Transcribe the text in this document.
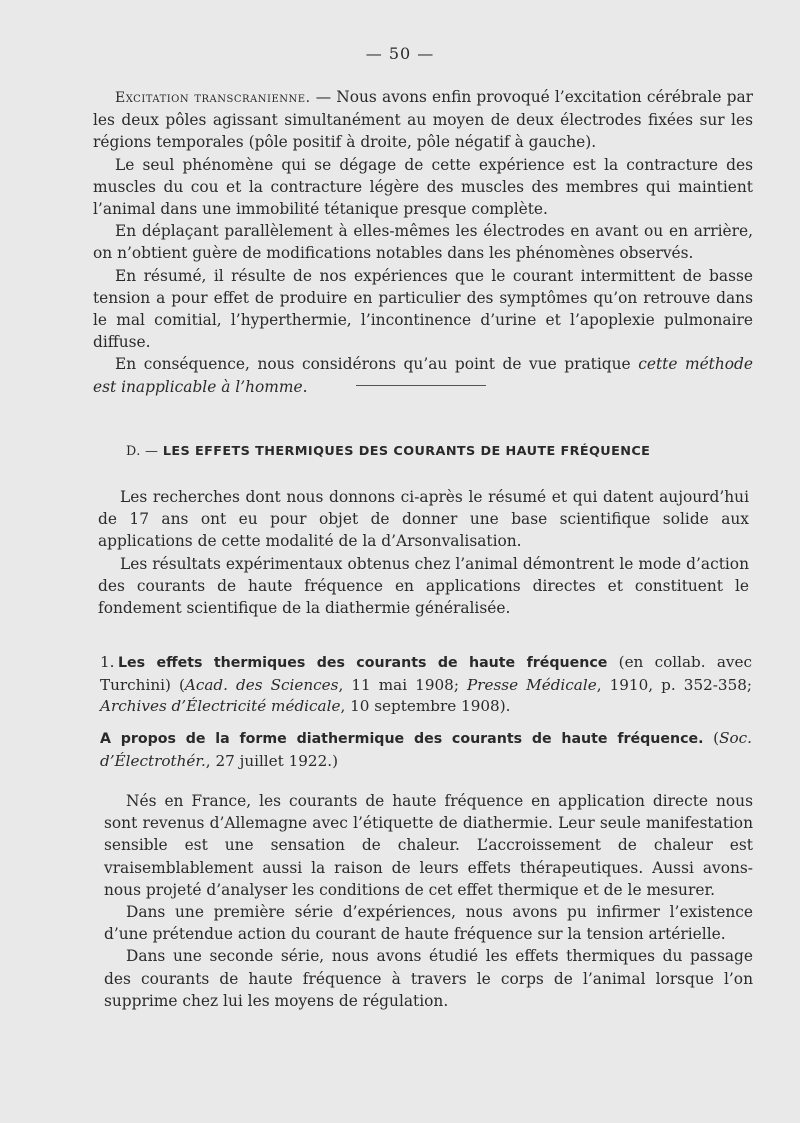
— 50 —

Excitation transcranienne. — Nous avons enfin provoqué l’excitation cérébrale par les deux pôles agissant simultanément au moyen de deux électrodes fixées sur les régions temporales (pôle positif à droite, pôle négatif à gauche).

Le seul phénomène qui se dégage de cette expérience est la contracture des muscles du cou et la contracture légère des muscles des membres qui maintient l’animal dans une immobilité tétanique presque complète.

En déplaçant parallèlement à elles-mêmes les électrodes en avant ou en arrière, on n’obtient guère de modifications notables dans les phénomènes observés.

En résumé, il résulte de nos expériences que le courant intermittent de basse tension a pour effet de produire en particulier des symptômes qu’on retrouve dans le mal comitial, l’hyperthermie, l’incontinence d’urine et l’apoplexie pulmonaire diffuse.

En conséquence, nous considérons qu’au point de vue pratique cette méthode est inapplicable à l’homme.

D. — LES EFFETS THERMIQUES DES COURANTS DE HAUTE FRÉQUENCE

Les recherches dont nous donnons ci-après le résumé et qui datent aujourd’hui de 17 ans ont eu pour objet de donner une base scientifique solide aux applications de cette modalité de la d’Arsonvalisation.

Les résultats expérimentaux obtenus chez l’animal démontrent le mode d’action des courants de haute fréquence en applications directes et constituent le fondement scientifique de la diathermie généralisée.

1. Les effets thermiques des courants de haute fréquence (en collab. avec Turchini) (Acad. des Sciences, 11 mai 1908; Presse Médicale, 1910, p. 352-358; Archives d’Électricité médicale, 10 septembre 1908).

A propos de la forme diathermique des courants de haute fréquence. (Soc. d’Électrothér., 27 juillet 1922.)

Nés en France, les courants de haute fréquence en application directe nous sont revenus d’Allemagne avec l’étiquette de diathermie. Leur seule manifestation sensible est une sensation de chaleur. L’accroissement de chaleur est vraisemblablement aussi la raison de leurs effets thérapeutiques. Aussi avons-nous projeté d’analyser les conditions de cet effet thermique et de le mesurer.

Dans une première série d’expériences, nous avons pu infirmer l’existence d’une prétendue action du courant de haute fréquence sur la tension artérielle.

Dans une seconde série, nous avons étudié les effets thermiques du passage des courants de haute fréquence à travers le corps de l’animal lorsque l’on supprime chez lui les moyens de régulation.
